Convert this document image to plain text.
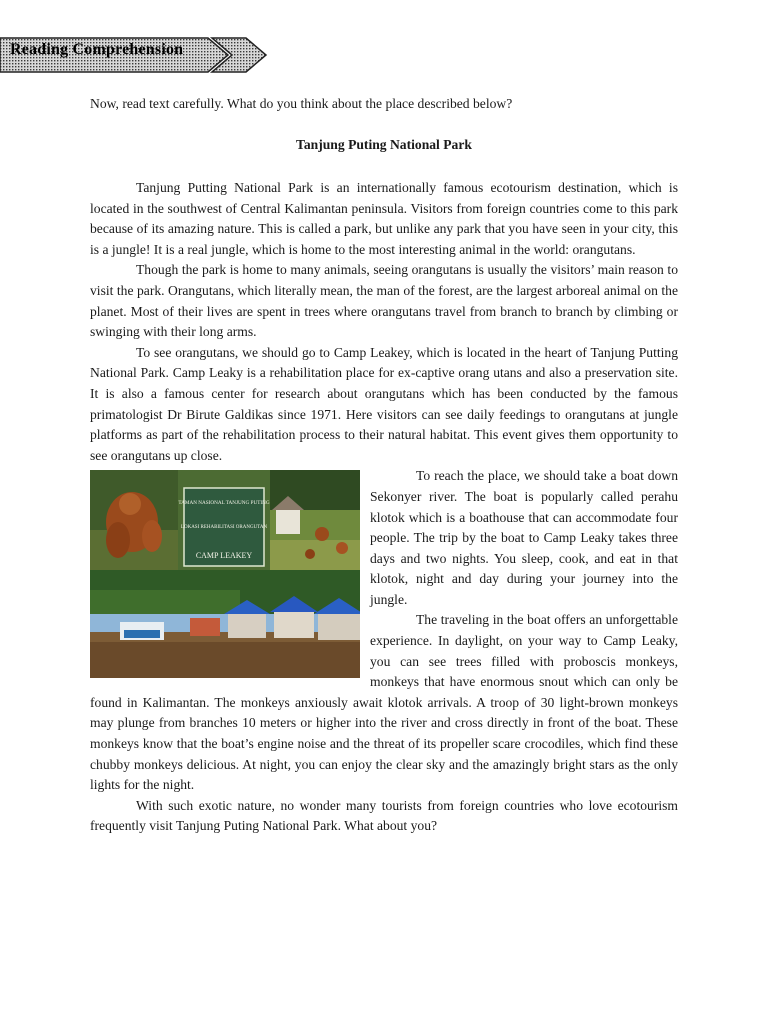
Reading Comprehension
Now, read text carefully. What do you think about the place described below?
Tanjung Puting National Park

Tanjung Putting National Park is an internationally famous ecotourism destination, which is located in the southwest of Central Kalimantan peninsula. Visitors from foreign countries come to this park because of its amazing nature. This is called a park, but unlike any park that you have seen in your city, this is a jungle! It is a real jungle, which is home to the most interesting animal in the world: orangutans.

Though the park is home to many animals, seeing orangutans is usually the visitors’ main reason to visit the park. Orangutans, which literally mean, the man of the forest, are the largest arboreal animal on the planet. Most of their lives are spent in trees where orangutans travel from branch to branch by climbing or swinging with their long arms.

To see orangutans, we should go to Camp Leakey, which is located in the heart of Tanjung Putting National Park. Camp Leaky is a rehabilitation place for ex-captive orang utans and also a preservation site. It is also a famous center for research about orangutans which has been conducted by the famous primatologist Dr Birute Galdikas since 1971. Here visitors can see daily feedings to orangutans at jungle platforms as part of the rehabilitation process to their natural habitat. This event gives them opportunity to see orangutans up close.

TAMAN NASIONAL TANJUNG PUTING
LOKASI REHABILITASI ORANGUTAN
CAMP LEAKEY

To reach the place, we should take a boat down Sekonyer river. The boat is popularly called perahu klotok which is a boathouse that can accommodate four people. The trip by the boat to Camp Leaky takes three days and two nights. You sleep, cook, and eat in that klotok, night and day during your journey into the jungle.

The traveling in the boat offers an unforgettable experience. In daylight, on your way to Camp Leaky, you can see trees filled with proboscis monkeys, monkeys that have enormous snout which can only be found in Kalimantan. The monkeys anxiously await klotok arrivals. A troop of 30 light-brown monkeys may plunge from branches 10 meters or higher into the river and cross directly in front of the boat. These monkeys know that the boat’s engine noise and the threat of its propeller scare crocodiles, which find these chubby monkeys delicious. At night, you can enjoy the clear sky and the amazingly bright stars as the only lights for the night.

With such exotic nature, no wonder many tourists from foreign countries who love ecotourism frequently visit Tanjung Puting National Park. What about you?
